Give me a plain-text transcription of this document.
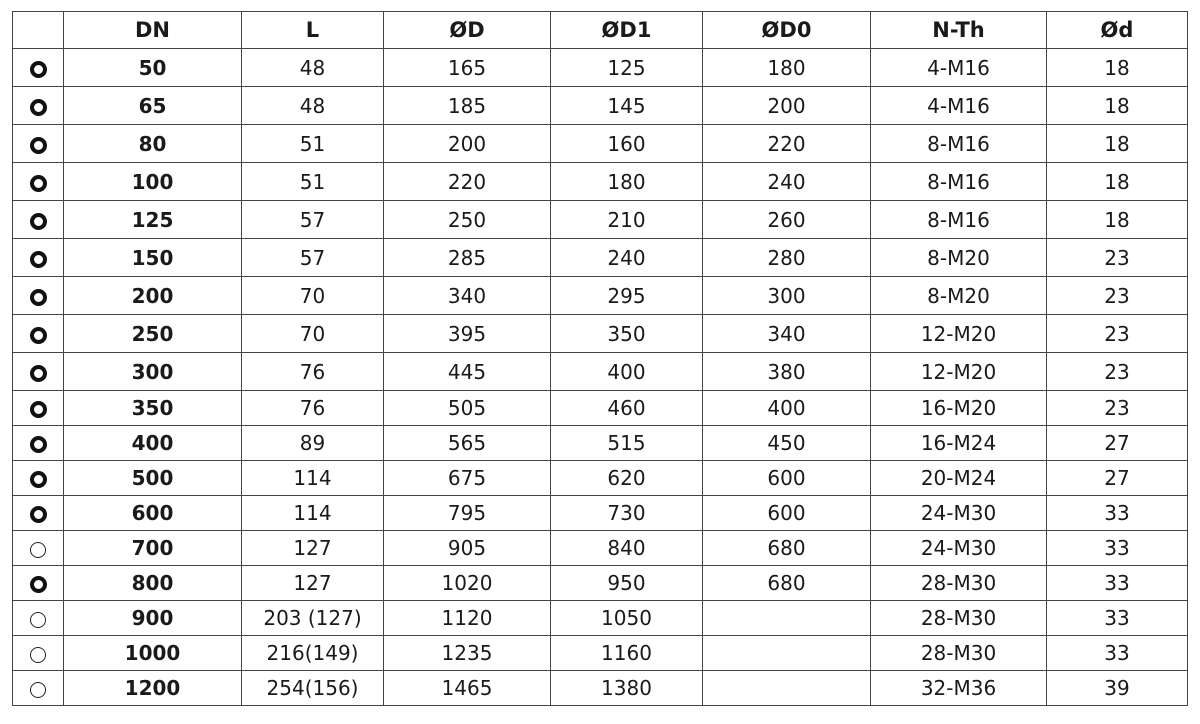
	DN	L	ØD	ØD1	ØD0	N-Th	Ød
	50	48	165	125	180	4-M16	18
	65	48	185	145	200	4-M16	18
	80	51	200	160	220	8-M16	18
	100	51	220	180	240	8-M16	18
	125	57	250	210	260	8-M16	18
	150	57	285	240	280	8-M20	23
	200	70	340	295	300	8-M20	23
	250	70	395	350	340	12-M20	23
	300	76	445	400	380	12-M20	23
	350	76	505	460	400	16-M20	23
	400	89	565	515	450	16-M24	27
	500	114	675	620	600	20-M24	27
	600	114	795	730	600	24-M30	33
	700	127	905	840	680	24-M30	33
	800	127	1020	950	680	28-M30	33
	900	203 (127)	1120	1050		28-M30	33
	1000	216(149)	1235	1160		28-M30	33
	1200	254(156)	1465	1380		32-M36	39
